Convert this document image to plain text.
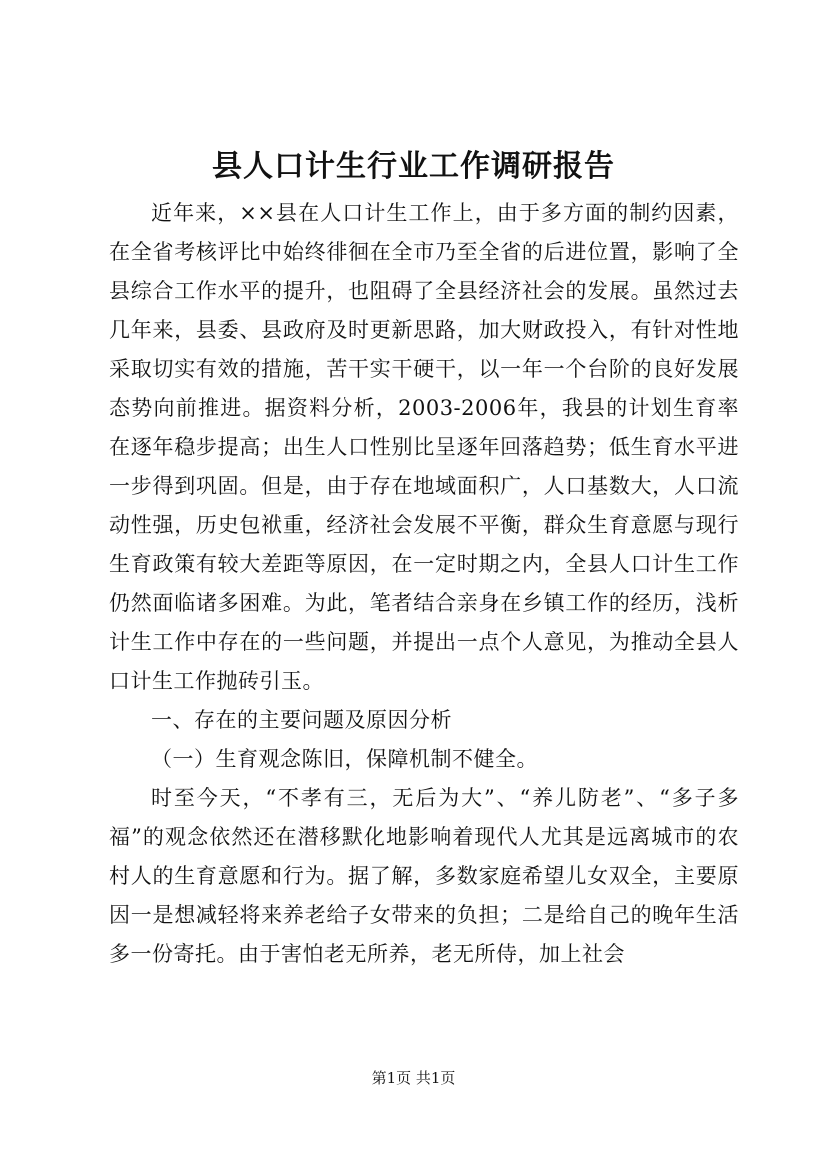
县人口计生行业工作调研报告

近年来，××县在人口计生工作上，由于多方面的制约因素，在全省考核评比中始终徘徊在全市乃至全省的后进位置，影响了全县综合工作水平的提升，也阻碍了全县经济社会的发展。虽然过去几年来，县委、县政府及时更新思路，加大财政投入，有针对性地采取切实有效的措施，苦干实干硬干，以一年一个台阶的良好发展态势向前推进。据资料分析，2003-2006年，我县的计划生育率在逐年稳步提高；出生人口性别比呈逐年回落趋势；低生育水平进一步得到巩固。但是，由于存在地域面积广，人口基数大，人口流动性强，历史包袱重，经济社会发展不平衡，群众生育意愿与现行生育政策有较大差距等原因，在一定时期之内，全县人口计生工作仍然面临诸多困难。为此，笔者结合亲身在乡镇工作的经历，浅析计生工作中存在的一些问题，并提出一点个人意见，为推动全县人口计生工作抛砖引玉。

一、存在的主要问题及原因分析

（一）生育观念陈旧，保障机制不健全。

时至今天，“不孝有三，无后为大”、“养儿防老”、“多子多福”的观念依然还在潜移默化地影响着现代人尤其是远离城市的农村人的生育意愿和行为。据了解，多数家庭希望儿女双全，主要原因一是想减轻将来养老给子女带来的负担；二是给自己的晚年生活多一份寄托。由于害怕老无所养，老无所侍，加上社会

第1页 共1页
